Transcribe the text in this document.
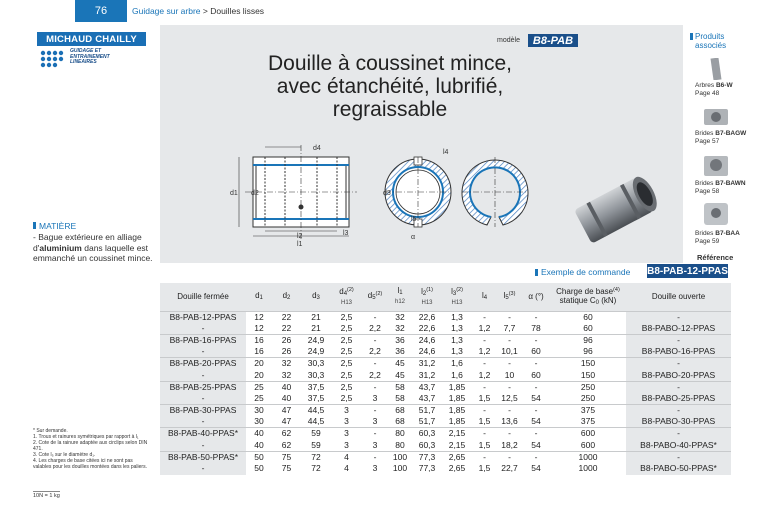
76	Guidage sur arbre > Douilles lisses
MICHAUD CHAILLY
GUIDAGE ET
ENTRAINEMENT
LINEAIRES
modèle B8-PAB
Douille à coussinet mince,
avec étanchéité, lubrifié,
regraissable
d4
d1 d2
l3
l2
l1
d3
l4
l5
α
MATIÈRE
- Bague extérieure en alliage d'aluminium dans laquelle est emmanché un coussinet mince.
Produits
associés
Arbres B6-W
Page 48
Brides B7-BAGW
Page 57
Brides B7-BAWN
Page 58
Brides B7-BAA
Page 59
Référence
Exemple de commande B8-PAB-12-PPAS
Douille fermée	$d_1$	$d_2$	$d_3$	$d_4^{(2)}$
H13	$d_5^{(2)}$	$l_1$
h12	$l_2^{(1)}$
H13	$l_3^{(2)}$
H13	$l_4$	$l_5^{(3)}$	α (°)	Charge de base$^{(4)}$
statique $C_0$ (kN)	Douille ouverte
B8-PAB-12-PPAS	12	22	21	2,5	-	32	22,6	1,3	-	-	-	60	-
-	12	22	21	2,5	2,2	32	22,6	1,3	1,2	7,7	78	60	B8-PABO-12-PPAS
B8-PAB-16-PPAS	16	26	24,9	2,5	-	36	24,6	1,3	-	-	-	96	-
-	16	26	24,9	2,5	2,2	36	24,6	1,3	1,2	10,1	60	96	B8-PABO-16-PPAS
B8-PAB-20-PPAS	20	32	30,3	2,5	-	45	31,2	1,6	-	-	-	150	-
-	20	32	30,3	2,5	2,2	45	31,2	1,6	1,2	10	60	150	B8-PABO-20-PPAS
B8-PAB-25-PPAS	25	40	37,5	2,5	-	58	43,7	1,85	-	-	-	250	-
-	25	40	37,5	2,5	3	58	43,7	1,85	1,5	12,5	54	250	B8-PABO-25-PPAS
B8-PAB-30-PPAS	30	47	44,5	3	-	68	51,7	1,85	-	-	-	375	-
-	30	47	44,5	3	3	68	51,7	1,85	1,5	13,6	54	375	B8-PABO-30-PPAS
B8-PAB-40-PPAS*	40	62	59	3	-	80	60,3	2,15	-	-	-	600	-
-	40	62	59	3	3	80	60,3	2,15	1,5	18,2	54	600	B8-PABO-40-PPAS*
B8-PAB-50-PPAS*	50	75	72	4	-	100	77,3	2,65	-	-	-	1000	-
-	50	75	72	4	3	100	77,3	2,65	1,5	22,7	54	1000	B8-PABO-50-PPAS*
* Sur demande.
1. Trous et rainures symétriques par rapport à l₁
2. Cote de la rainure adaptée aux circlips selon DIN 471.
3. Cote l₅ sur le diamètre d₁.
4. Les charges de base citées ici ne sont pas valables pour les douilles montées dans les paliers.
10N = 1 kg
